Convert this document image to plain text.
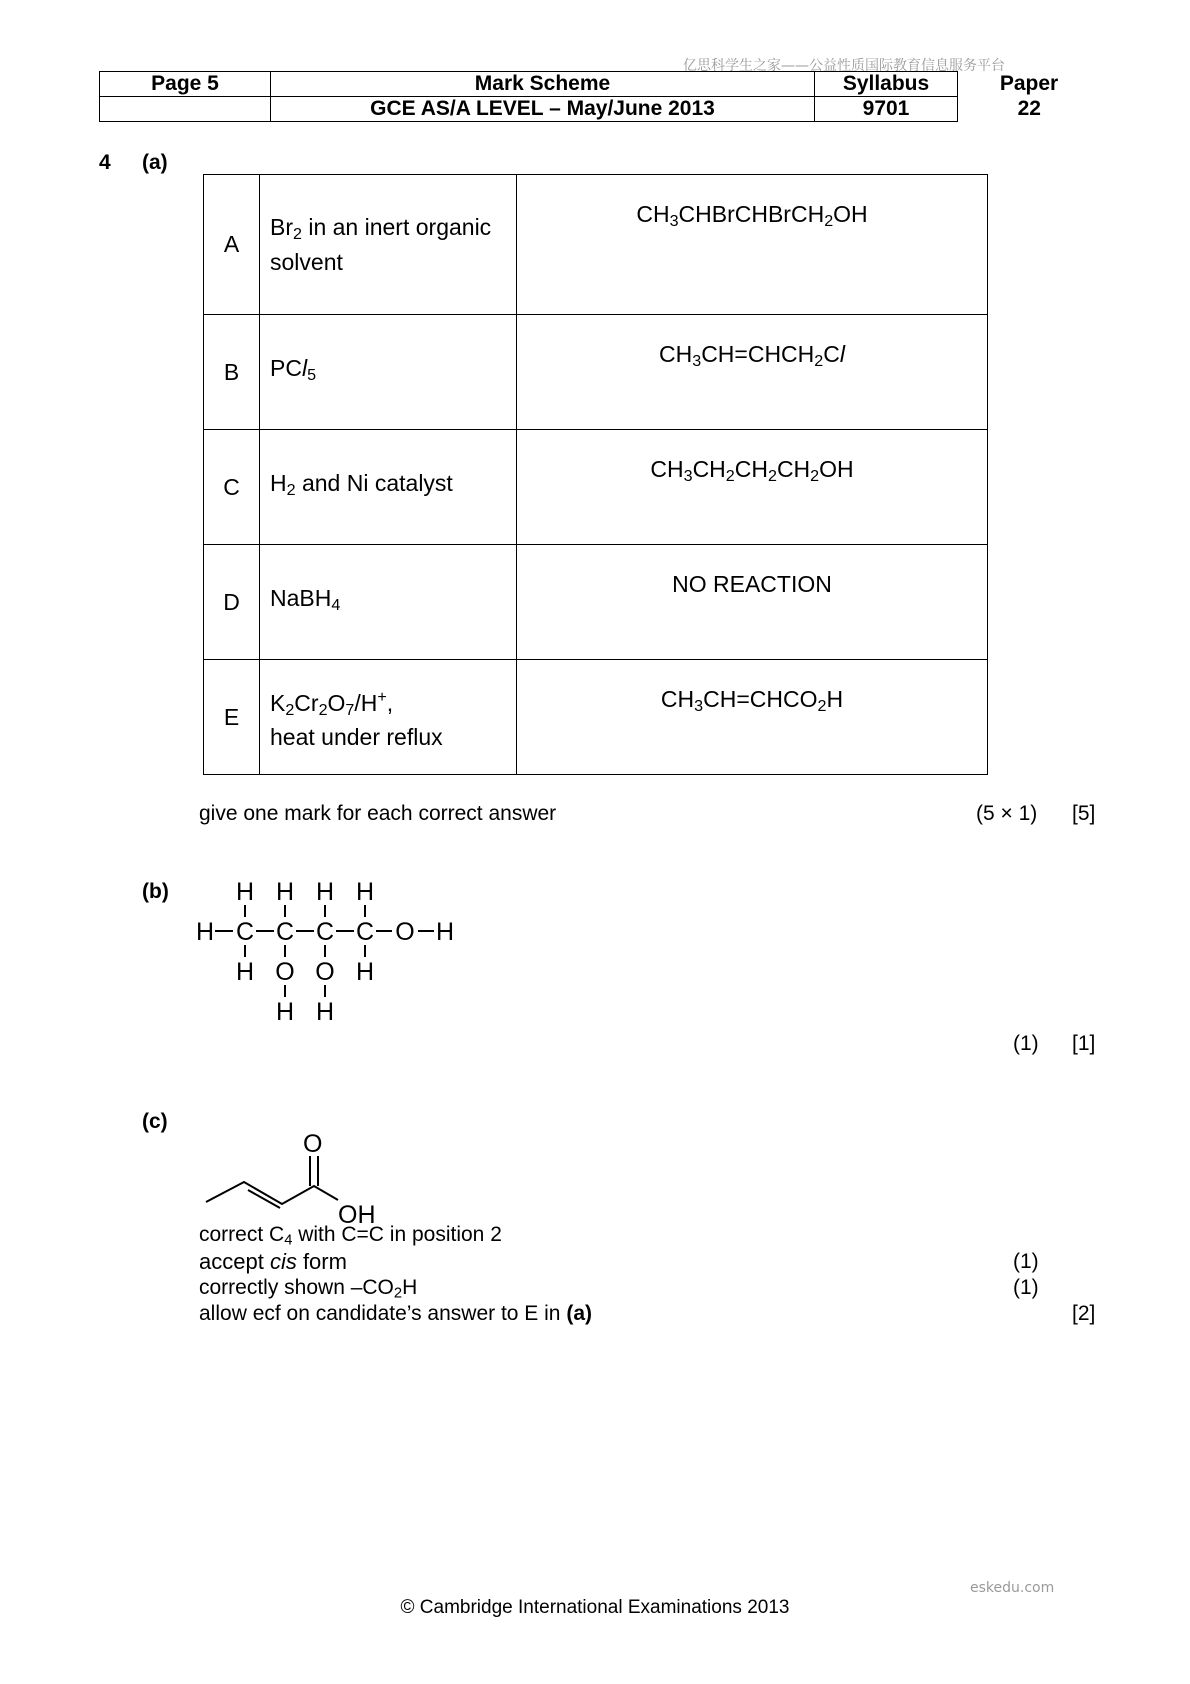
亿思科学生之家——公益性质国际教育信息服务平台
Page 5	Mark Scheme	Syllabus	Paper
	GCE AS/A LEVEL – May/June 2013	9701	22
4 (a)
A	$Br_2$ in an inert organic solvent	$CH_3CHBrCHBrCH_2OH$

B	PCl$_5$	$CH_3CH=CHCH_2Cl$

C	$H_2$ and Ni catalyst	$CH_3CH_2CH_2CH_2OH$

D	NaBH$_4$	NO REACTION

E	$K_2Cr_2O_7/H^+$,
heat under reflux	$CH_3CH=CHCO_2H$
give one mark for each correct answer	(5 × 1) [5]
(b)	H H H H
H C C C C O H
H O O H
H H
(1) [1]
(c)
O
OH
correct $C_4$ with C=C in position 2
accept cis form
correctly shown $-CO_2H$
allow ecf on candidate’s answer to E in (a)
(1)
(1)
[2]
eskedu.com
© Cambridge International Examinations 2013
